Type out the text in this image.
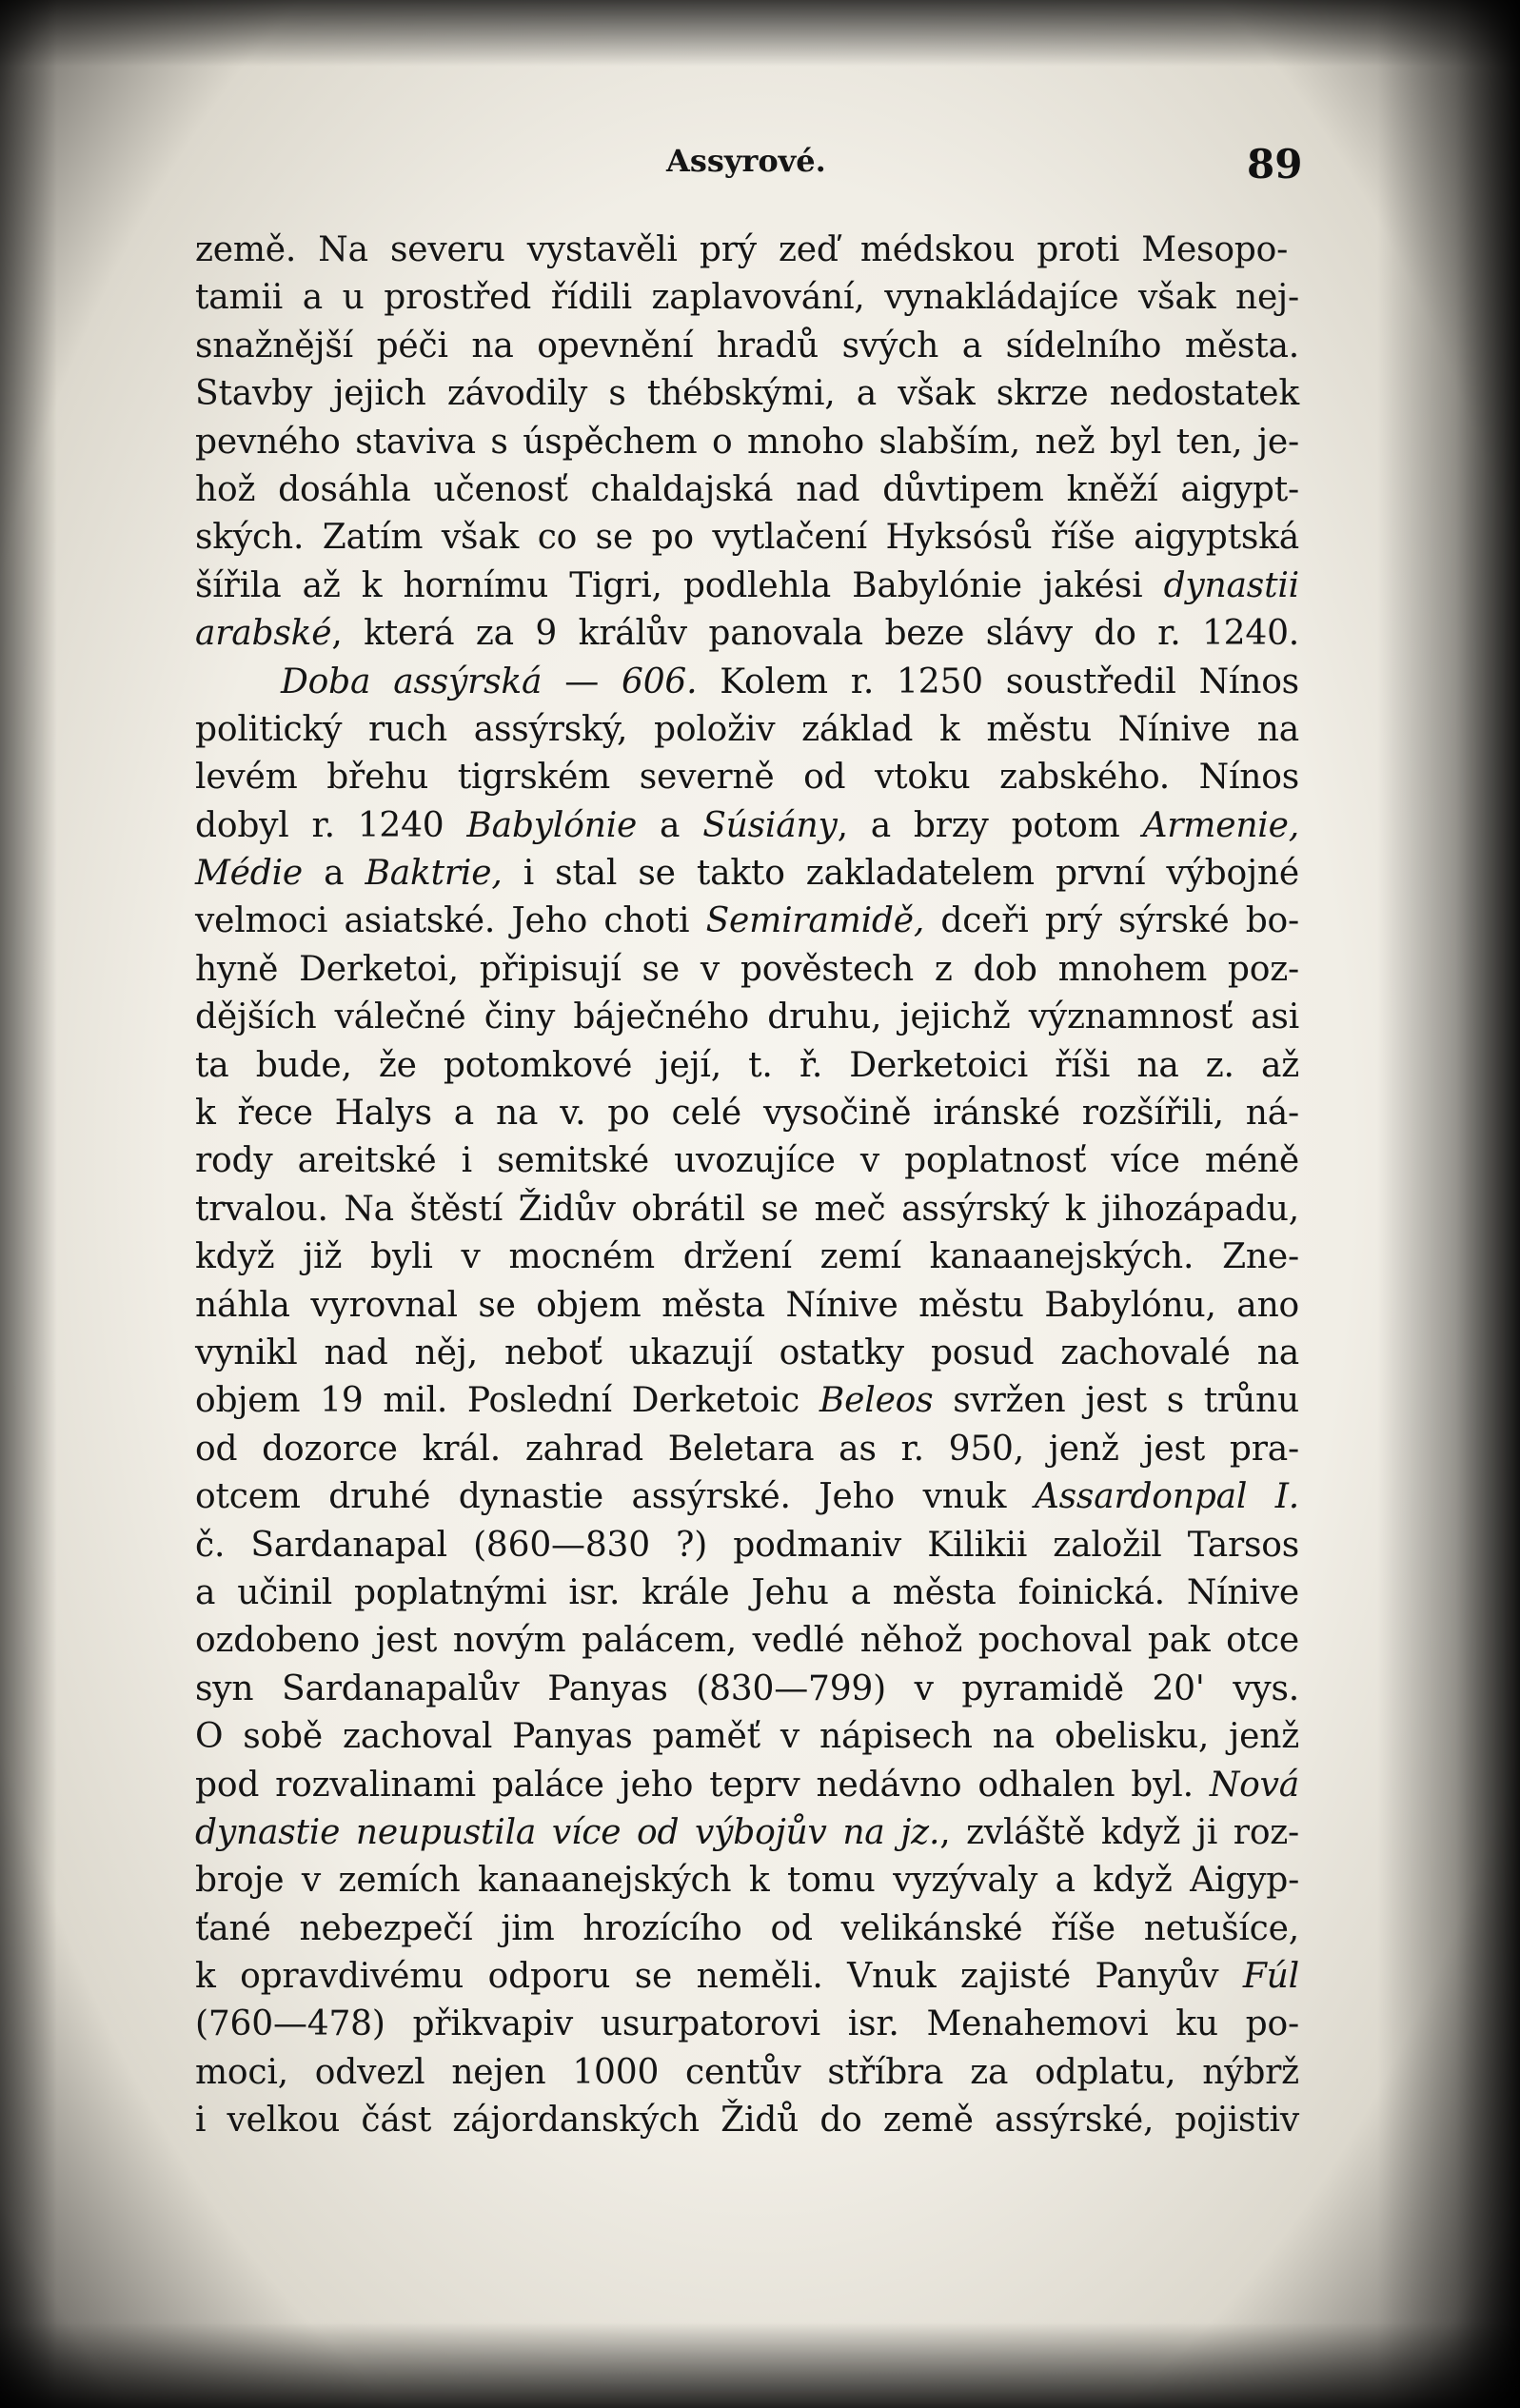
Assyrové.	89
země. Na severu vystavěli prý zeď médskou proti Mesopo-
tamii a u prostřed řídili zaplavování, vynakládajíce však nej-
snažnější péči na opevnění hradů svých a sídelního města.
Stavby jejich závodily s thébskými, a však skrze nedostatek
pevného staviva s úspěchem o mnoho slabším, než byl ten, je-
hož dosáhla učenosť chaldajská nad důvtipem kněží aigypt-
ských. Zatím však co se po vytlačení Hyksósů říše aigyptská
šířila až k hornímu Tigri, podlehla Babylónie jakési dynastii
arabské, která za 9 králův panovala beze slávy do r. 1240.
Doba assýrská — 606. Kolem r. 1250 soustředil Nínos
politický ruch assýrský, položiv základ k městu Nínive na
levém břehu tigrském severně od vtoku zabského. Nínos
dobyl r. 1240 Babylónie a Súsiány, a brzy potom Armenie,
Médie a Baktrie, i stal se takto zakladatelem první výbojné
velmoci asiatské. Jeho choti Semiramidě, dceři prý sýrské bo-
hyně Derketoi, připisují se v pověstech z dob mnohem poz-
dějších válečné činy báječného druhu, jejichž významnosť asi
ta bude, že potomkové její, t. ř. Derketoici říši na z. až
k řece Halys a na v. po celé vysočině iránské rozšířili, ná-
rody areitské i semitské uvozujíce v poplatnosť více méně
trvalou. Na štěstí Židův obrátil se meč assýrský k jihozápadu,
když již byli v mocném držení zemí kanaanejských. Zne-
náhla vyrovnal se objem města Nínive městu Babylónu, ano
vynikl nad něj, neboť ukazují ostatky posud zachovalé na
objem 19 mil. Poslední Derketoic Beleos svržen jest s trůnu
od dozorce král. zahrad Beletara as r. 950, jenž jest pra-
otcem druhé dynastie assýrské. Jeho vnuk Assardonpal I.
č. Sardanapal (860—830 ?) podmaniv Kilikii založil Tarsos
a učinil poplatnými isr. krále Jehu a města foinická. Nínive
ozdobeno jest novým palácem, vedlé něhož pochoval pak otce
syn Sardanapalův Panyas (830—799) v pyramidě 20' vys.
O sobě zachoval Panyas paměť v nápisech na obelisku, jenž
pod rozvalinami paláce jeho teprv nedávno odhalen byl. Nová
dynastie neupustila více od výbojův na jz., zvláště když ji roz-
broje v zemích kanaanejských k tomu vyzývaly a když Aigyp-
ťané nebezpečí jim hrozícího od velikánské říše netušíce,
k opravdivému odporu se neměli. Vnuk zajisté Panyův Fúl
(760—478) přikvapiv usurpatorovi isr. Menahemovi ku po-
moci, odvezl nejen 1000 centův stříbra za odplatu, nýbrž
i velkou část zájordanských Židů do země assýrské, pojistiv
